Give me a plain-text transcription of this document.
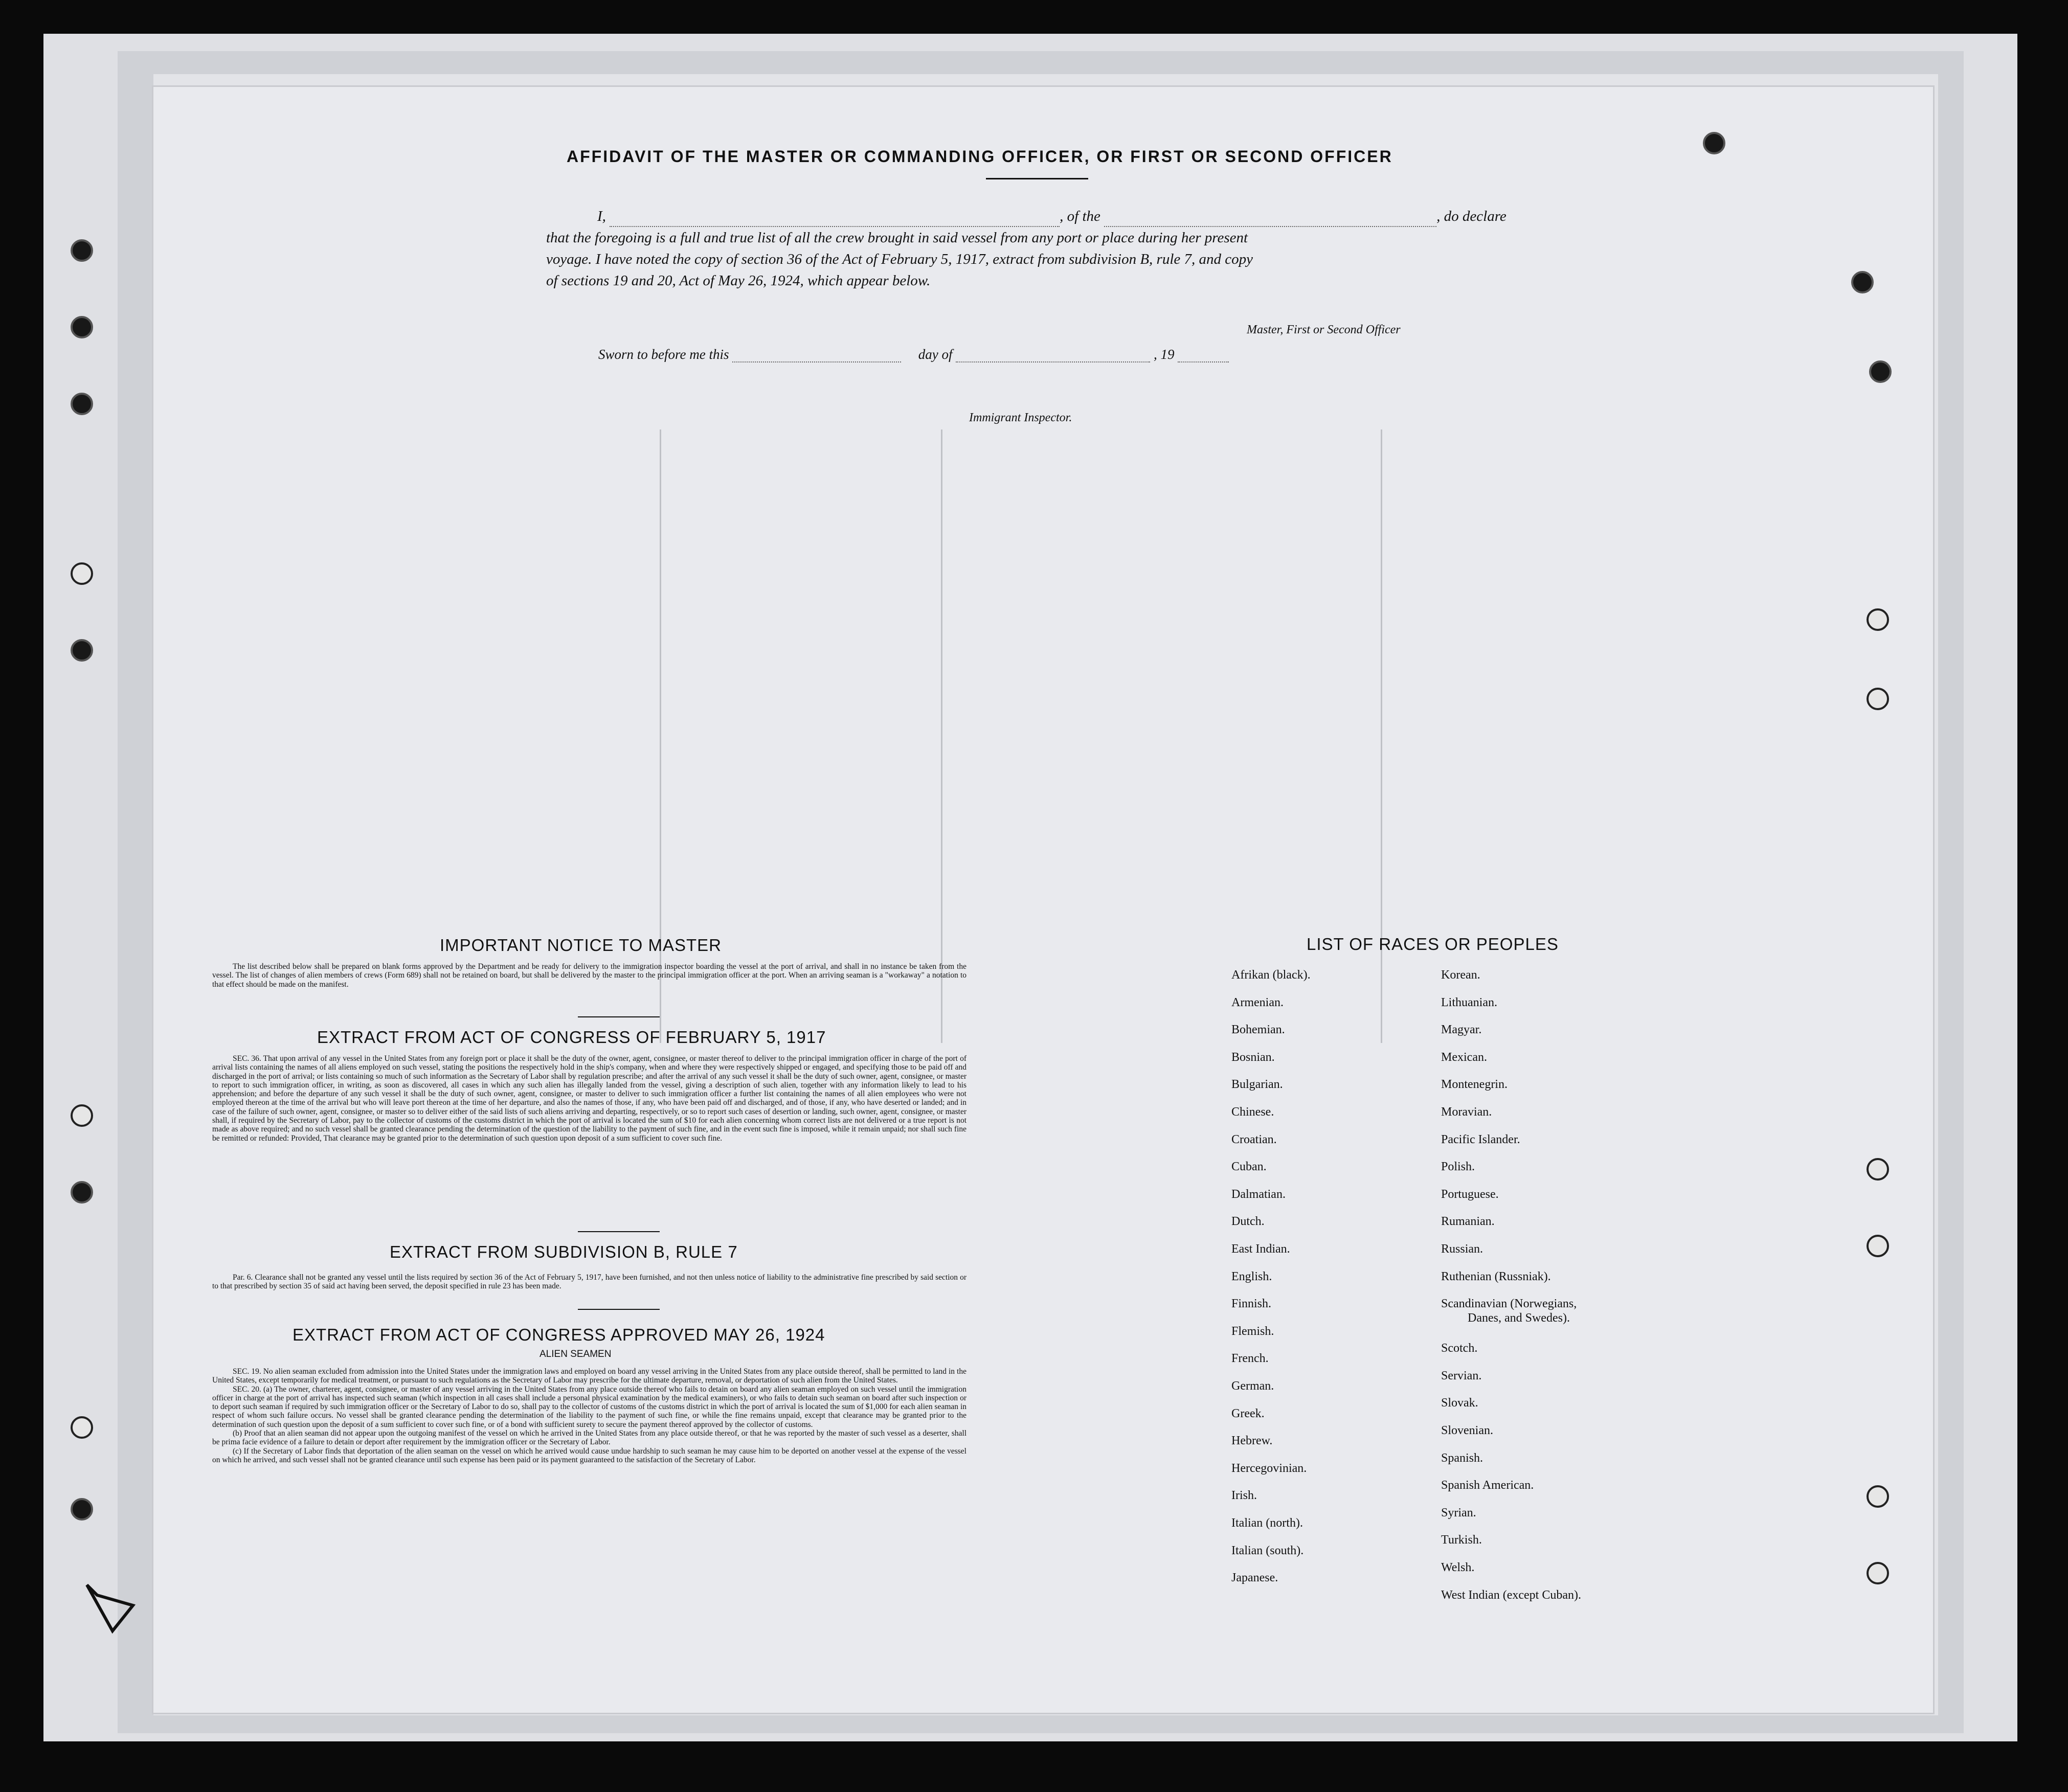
AFFIDAVIT OF THE MASTER OR COMMANDING OFFICER, OR FIRST OR SECOND OFFICER
I,	, of the	, do declare
that the foregoing is a full and true list of all the crew brought in said vessel from any port or place during her present
voyage. I have noted the copy of section 36 of the Act of February 5, 1917, extract from subdivision B, rule 7, and copy
of sections 19 and 20, Act of May 26, 1924, which appear below.
Master, First or Second Officer
Sworn to before me this	day of	, 19
Immigrant Inspector.
IMPORTANT NOTICE TO MASTER

The list described below shall be prepared on blank forms approved by the Department and be ready for delivery to the immigration inspector boarding the vessel at the port of arrival, and shall in no instance be taken from the vessel. The list of changes of alien members of crews (Form 689) shall not be retained on board, but shall be delivered by the master to the principal immigration officer at the port. When an arriving seaman is a "workaway" a notation to that effect should be made on the manifest.

EXTRACT FROM ACT OF CONGRESS OF FEBRUARY 5, 1917

SEC. 36. That upon arrival of any vessel in the United States from any foreign port or place it shall be the duty of the owner, agent, consignee, or master thereof to deliver to the principal immigration officer in charge of the port of arrival lists containing the names of all aliens employed on such vessel, stating the positions the respectively hold in the ship's company, when and where they were respectively shipped or engaged, and specifying those to be paid off and discharged in the port of arrival; or lists containing so much of such information as the Secretary of Labor shall by regulation prescribe; and after the arrival of any such vessel it shall be the duty of such owner, agent, consignee, or master to report to such immigration officer, in writing, as soon as discovered, all cases in which any such alien has illegally landed from the vessel, giving a description of such alien, together with any information likely to lead to his apprehension; and before the departure of any such vessel it shall be the duty of such owner, agent, consignee, or master to deliver to such immigration officer a further list containing the names of all alien employees who were not employed thereon at the time of the arrival but who will leave port thereon at the time of her departure, and also the names of those, if any, who have been paid off and discharged, and of those, if any, who have deserted or landed; and in case of the failure of such owner, agent, consignee, or master so to deliver either of the said lists of such aliens arriving and departing, respectively, or so to report such cases of desertion or landing, such owner, agent, consignee, or master shall, if required by the Secretary of Labor, pay to the collector of customs of the customs district in which the port of arrival is located the sum of $10 for each alien concerning whom correct lists are not delivered or a true report is not made as above required; and no such vessel shall be granted clearance pending the determination of the question of the liability to the payment of such fine, and in the event such fine is imposed, while it remain unpaid; nor shall such fine be remitted or refunded: Provided, That clearance may be granted prior to the determination of such question upon deposit of a sum sufficient to cover such fine.

EXTRACT FROM SUBDIVISION B, RULE 7

Par. 6. Clearance shall not be granted any vessel until the lists required by section 36 of the Act of February 5, 1917, have been furnished, and not then unless notice of liability to the administrative fine prescribed by said section or to that prescribed by section 35 of said act having been served, the deposit specified in rule 23 has been made.

EXTRACT FROM ACT OF CONGRESS APPROVED MAY 26, 1924
ALIEN SEAMEN

SEC. 19. No alien seaman excluded from admission into the United States under the immigration laws and employed on board any vessel arriving in the United States from any place outside thereof, shall be permitted to land in the United States, except temporarily for medical treatment, or pursuant to such regulations as the Secretary of Labor may prescribe for the ultimate departure, removal, or deportation of such alien from the United States.

SEC. 20. (a) The owner, charterer, agent, consignee, or master of any vessel arriving in the United States from any place outside thereof who fails to detain on board any alien seaman employed on such vessel until the immigration officer in charge at the port of arrival has inspected such seaman (which inspection in all cases shall include a personal physical examination by the medical examiners), or who fails to detain such seaman on board after such inspection or to deport such seaman if required by such immigration officer or the Secretary of Labor to do so, shall pay to the collector of customs of the customs district in which the port of arrival is located the sum of $1,000 for each alien seaman in respect of whom such failure occurs. No vessel shall be granted clearance pending the determination of the liability to the payment of such fine, or while the fine remains unpaid, except that clearance may be granted prior to the determination of such question upon the deposit of a sum sufficient to cover such fine, or of a bond with sufficient surety to secure the payment thereof approved by the collector of customs.

(b) Proof that an alien seaman did not appear upon the outgoing manifest of the vessel on which he arrived in the United States from any place outside thereof, or that he was reported by the master of such vessel as a deserter, shall be prima facie evidence of a failure to detain or deport after requirement by the immigration officer or the Secretary of Labor.

(c) If the Secretary of Labor finds that deportation of the alien seaman on the vessel on which he arrived would cause undue hardship to such seaman he may cause him to be deported on another vessel at the expense of the vessel on which he arrived, and such vessel shall not be granted clearance until such expense has been paid or its payment guaranteed to the satisfaction of the Secretary of Labor.

LIST OF RACES OR PEOPLES
Afrikan (black).
Armenian.
Bohemian.
Bosnian.
Bulgarian.
Chinese.
Croatian.
Cuban.
Dalmatian.
Dutch.
East Indian.
English.
Finnish.
Flemish.
French.
German.
Greek.
Hebrew.
Hercegovinian.
Irish.
Italian (north).
Italian (south).
Japanese.
Korean.
Lithuanian.
Magyar.
Mexican.
Montenegrin.
Moravian.
Pacific Islander.
Polish.
Portuguese.
Rumanian.
Russian.
Ruthenian (Russniak).
Scandinavian (Norwegians,
Danes, and Swedes).
Scotch.
Servian.
Slovak.
Slovenian.
Spanish.
Spanish American.
Syrian.
Turkish.
Welsh.
West Indian (except Cuban).
